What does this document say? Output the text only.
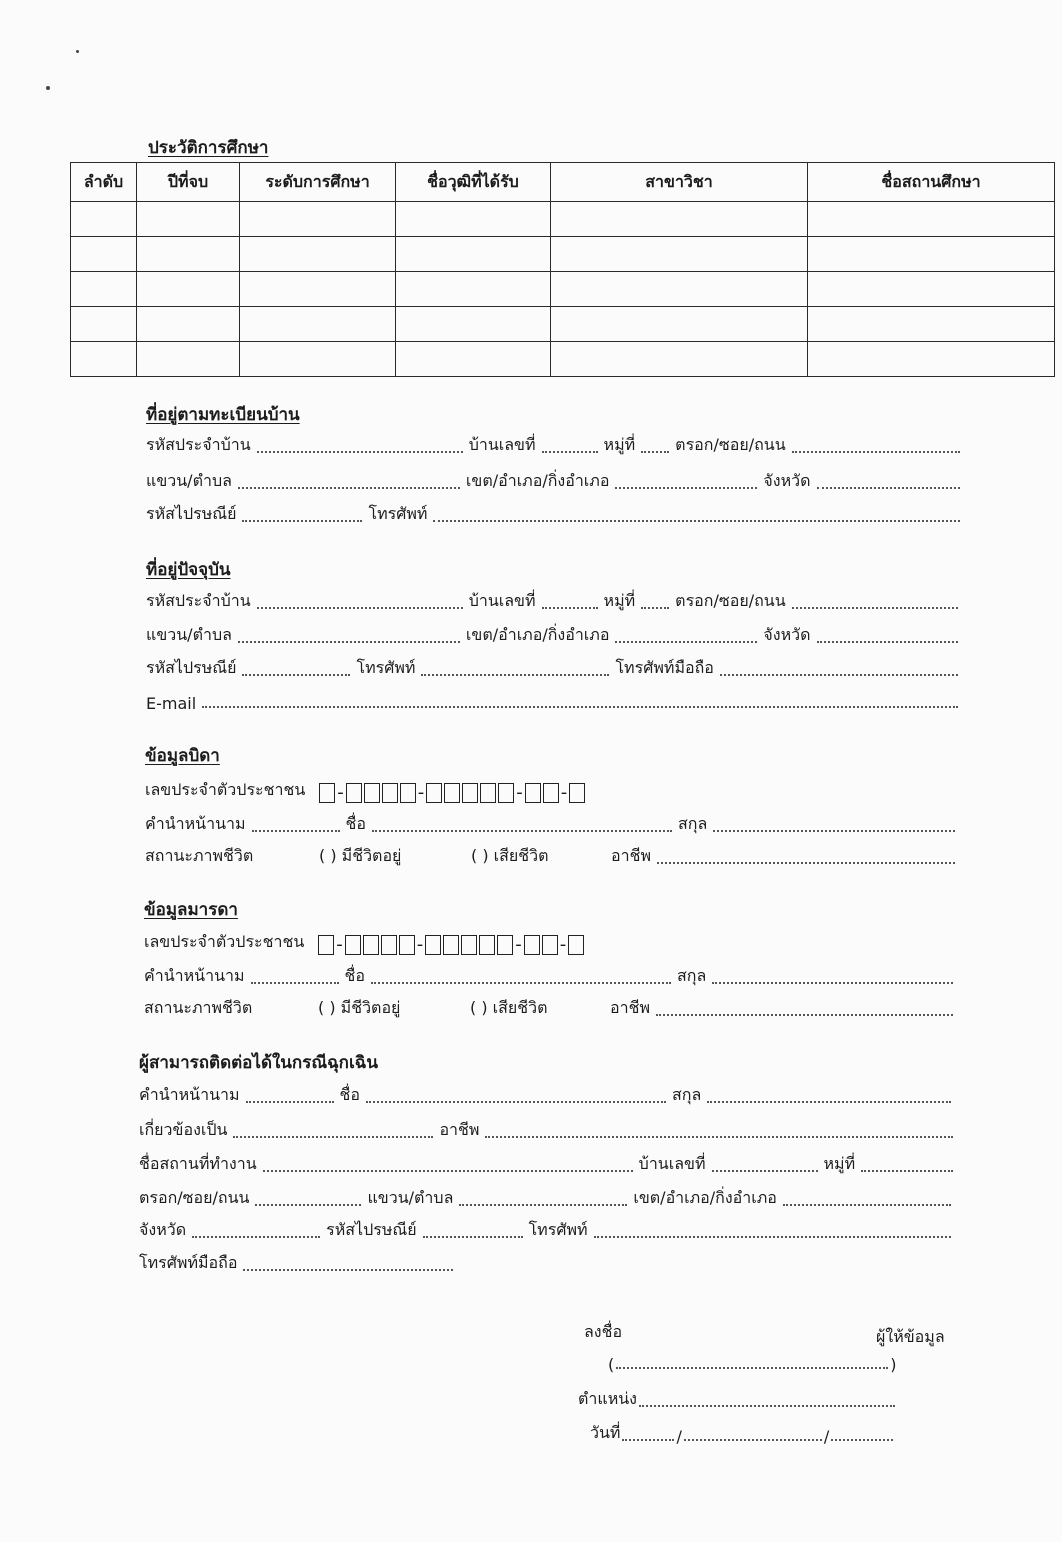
ประวัติการศึกษา
ลำดับ	ปีที่จบ	ระดับการศึกษา	ชื่อวุฒิที่ได้รับ	สาขาวิชา	ชื่อสถานศึกษา

ที่อยู่ตามทะเบียนบ้าน
รหัสประจำบ้าน	บ้านเลขที่	หมู่ที่	ตรอก/ซอย/ถนน
แขวน/ตำบล	เขต/อำเภอ/กิ่งอำเภอ	จังหวัด
รหัสไปรษณีย์	โทรศัพท์
ที่อยู่ปัจจุบัน
รหัสประจำบ้าน	บ้านเลขที่	หมู่ที่	ตรอก/ซอย/ถนน
แขวน/ตำบล	เขต/อำเภอ/กิ่งอำเภอ	จังหวัด
รหัสไปรษณีย์	โทรศัพท์	โทรศัพท์มือถือ
E-mail
ข้อมูลบิดา
เลขประจำตัวประชาชน -	-	- -
คำนำหน้านาม	ชื่อ	สกุล
สถานะภาพชีวิต	( ) มีชีวิตอยู่	( ) เสียชีวิต	อาชีพ
ข้อมูลมารดา
เลขประจำตัวประชาชน -	-	- -
คำนำหน้านาม	ชื่อ	สกุล
สถานะภาพชีวิต	( ) มีชีวิตอยู่	( ) เสียชีวิต	อาชีพ
ผู้สามารถติดต่อได้ในกรณีฉุกเฉิน
คำนำหน้านาม	ชื่อ	สกุล
เกี่ยวข้องเป็น	อาชีพ
ชื่อสถานที่ทำงาน	บ้านเลขที่	หมู่ที่
ตรอก/ซอย/ถนน	แขวน/ตำบล	เขต/อำเภอ/กิ่งอำเภอ
จังหวัด	รหัสไปรษณีย์	โทรศัพท์
โทรศัพท์มือถือ
ลงชื่อ	ผู้ให้ข้อมูล
(	)
ตำแหน่ง
วันที่	/	/
